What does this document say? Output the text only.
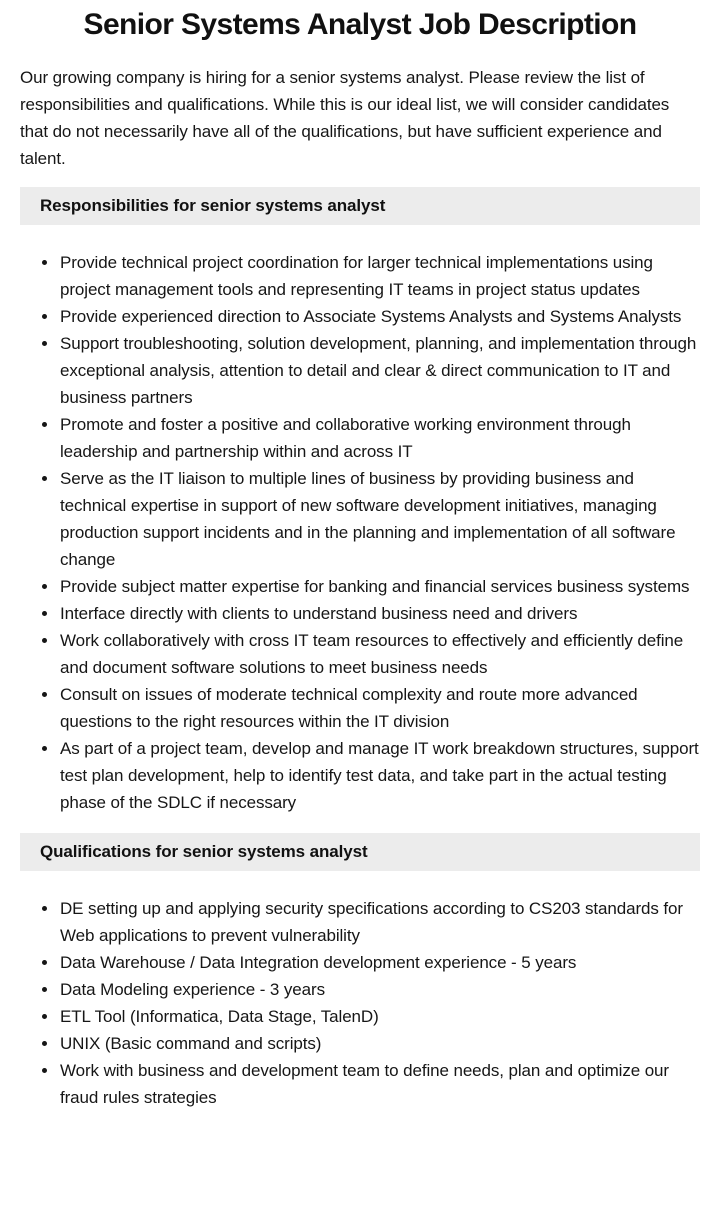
Senior Systems Analyst Job Description

Our growing company is hiring for a senior systems analyst. Please review the list of responsibilities and qualifications. While this is our ideal list, we will consider candidates that do not necessarily have all of the qualifications, but have sufficient experience and talent.

Responsibilities for senior systems analyst
Provide technical project coordination for larger technical implementations using project management tools and representing IT teams in project status updates
Provide experienced direction to Associate Systems Analysts and Systems Analysts
Support troubleshooting, solution development, planning, and implementation through exceptional analysis, attention to detail and clear & direct communication to IT and business partners
Promote and foster a positive and collaborative working environment through leadership and partnership within and across IT
Serve as the IT liaison to multiple lines of business by providing business and technical expertise in support of new software development initiatives, managing production support incidents and in the planning and implementation of all software change
Provide subject matter expertise for banking and financial services business systems
Interface directly with clients to understand business need and drivers
Work collaboratively with cross IT team resources to effectively and efficiently define and document software solutions to meet business needs
Consult on issues of moderate technical complexity and route more advanced questions to the right resources within the IT division
As part of a project team, develop and manage IT work breakdown structures, support test plan development, help to identify test data, and take part in the actual testing phase of the SDLC if necessary
Qualifications for senior systems analyst
DE setting up and applying security specifications according to CS203 standards for Web applications to prevent vulnerability
Data Warehouse / Data Integration development experience - 5 years
Data Modeling experience - 3 years
ETL Tool (Informatica, Data Stage, TalenD)
UNIX (Basic command and scripts)
Work with business and development team to define needs, plan and optimize our fraud rules strategies
